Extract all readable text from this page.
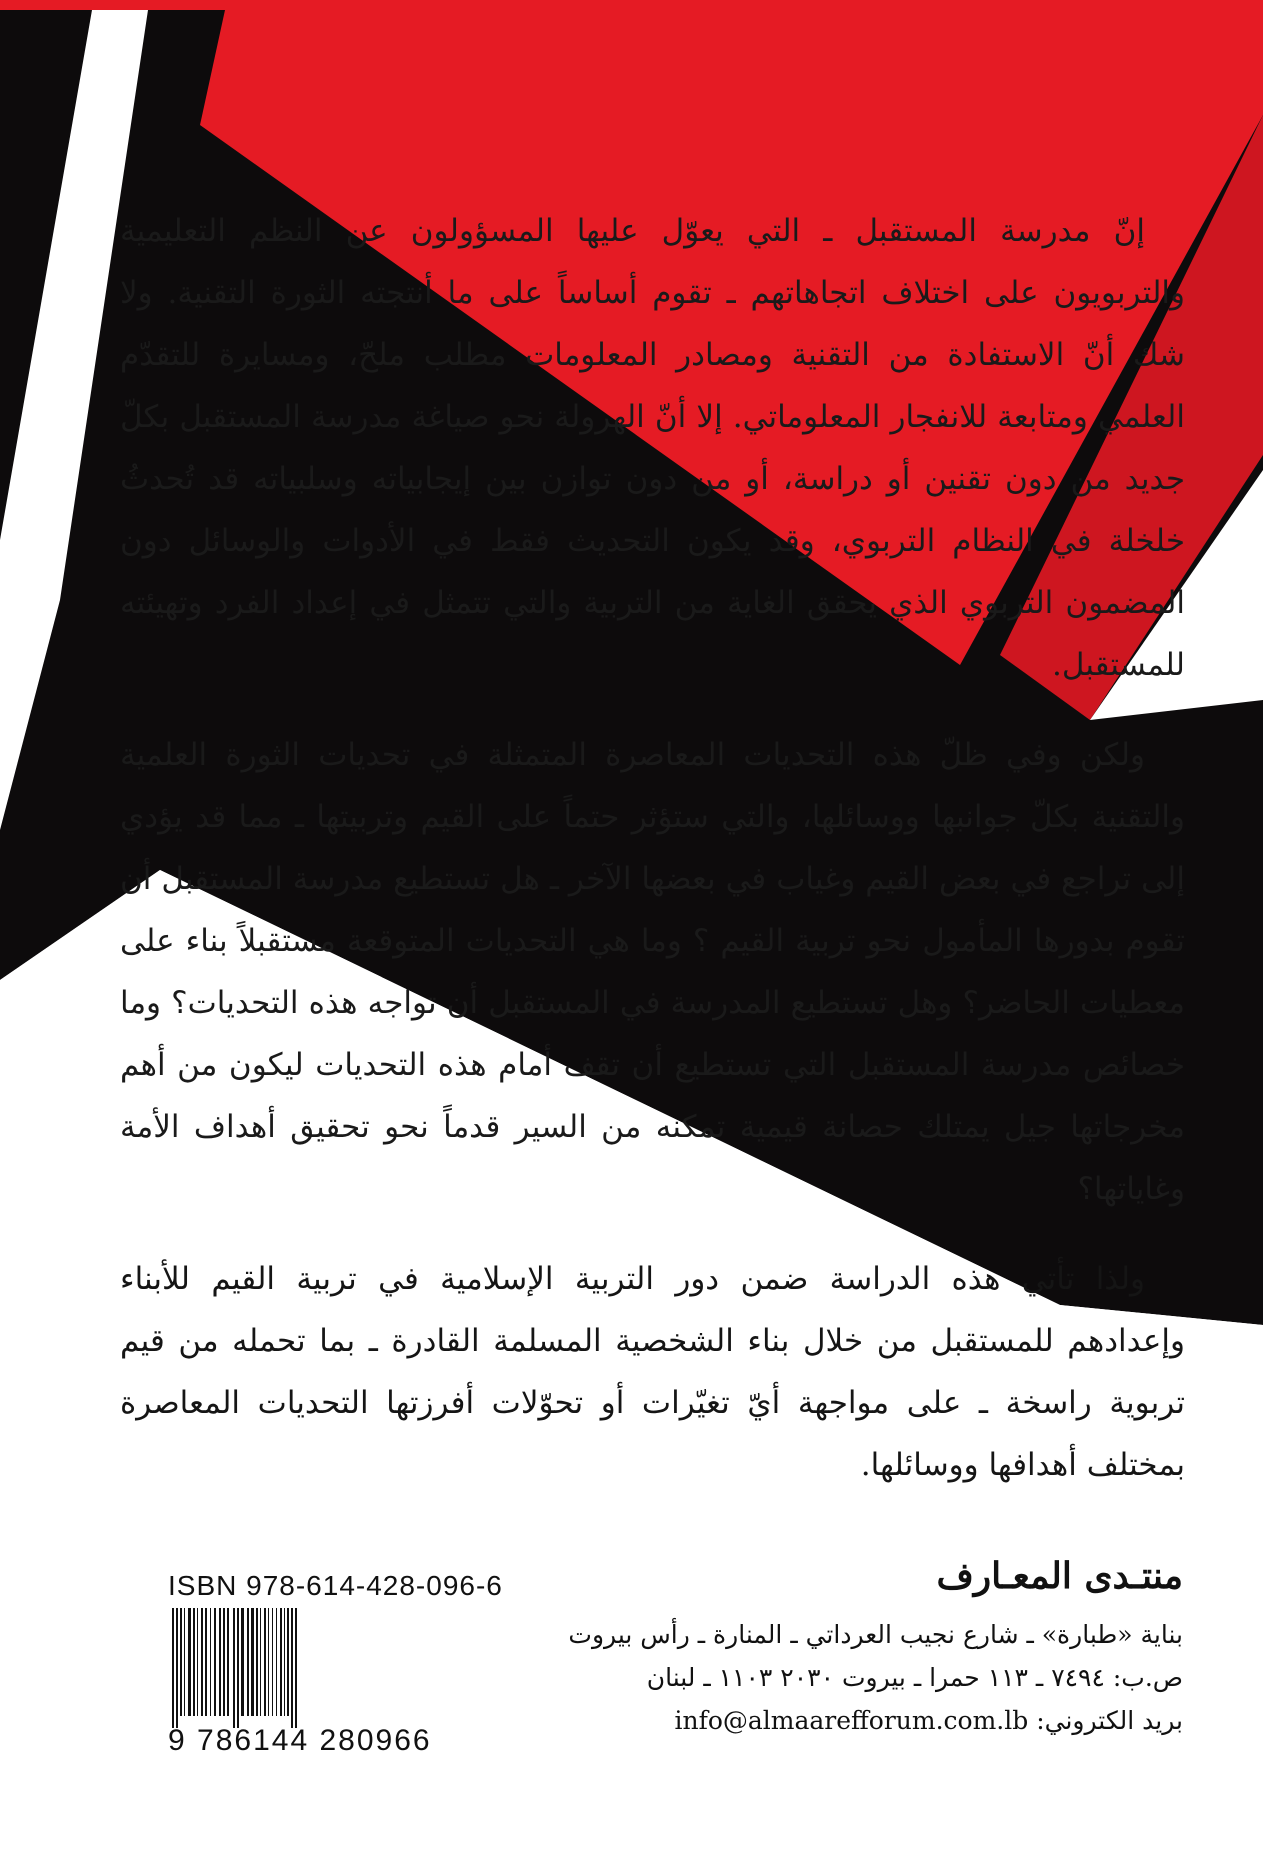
إنّ مدرسة المستقبل ـ التي يعوّل عليها المسؤولون عن النظم التعليمية والتربويون على اختلاف اتجاهاتهم ـ تقوم أساساً على ما أنتجته الثورة التقنية. ولا شك أنّ الاستفادة من التقنية ومصادر المعلومات مطلب ملحّ، ومسايرة للتقدّم العلمي ومتابعة للانفجار المعلوماتي. إلا أنّ الهرولة نحو صياغة مدرسة المستقبل بكلّ جديد من دون تقنين أو دراسة، أو من دون توازن بين إيجابياته وسلبياته قد تُحدثُ خلخلة في النظام التربوي، وقد يكون التحديث فقط في الأدوات والوسائل دون المضمون التربوي الذي يحقق الغاية من التربية والتي تتمثل في إعداد الفرد وتهيئته للمستقبل.

ولكن وفي ظلّ هذه التحديات المعاصرة المتمثلة في تحديات الثورة العلمية والتقنية بكلّ جوانبها ووسائلها، والتي ستؤثر حتماً على القيم وتربيتها ـ مما قد يؤدي إلى تراجع في بعض القيم وغياب في بعضها الآخر ـ هل تستطيع مدرسة المستقبل أن تقوم بدورها المأمول نحو تربية القيم ؟ وما هي التحديات المتوقعة مستقبلاً بناء على معطيات الحاضر؟ وهل تستطيع المدرسة في المستقبل أن تواجه هذه التحديات؟ وما خصائص مدرسة المستقبل التي تستطيع أن تقف أمام هذه التحديات ليكون من أهم مخرجاتها جيل يمتلك حصانة قيمية تمكنه من السير قدماً نحو تحقيق أهداف الأمة وغاياتها؟

ولذا تأتي هذه الدراسة ضمن دور التربية الإسلامية في تربية القيم للأبناء وإعدادهم للمستقبل من خلال بناء الشخصية المسلمة القادرة ـ بما تحمله من قيم تربوية راسخة ـ على مواجهة أيّ تغيّرات أو تحوّلات أفرزتها التحديات المعاصرة بمختلف أهدافها ووسائلها.

ISBN 978-614-428-096-6
9 786144 280966
منتـدى المعـارف
بناية «طبارة» ـ شارع نجيب العرداتي ـ المنارة ـ رأس بيروت
ص.ب: ٧٤٩٤ ـ ١١٣ حمرا ـ بيروت ٢٠٣٠ ١١٠٣ ـ لبنان
بريد الكتروني: info@almaarefforum.com.lb
